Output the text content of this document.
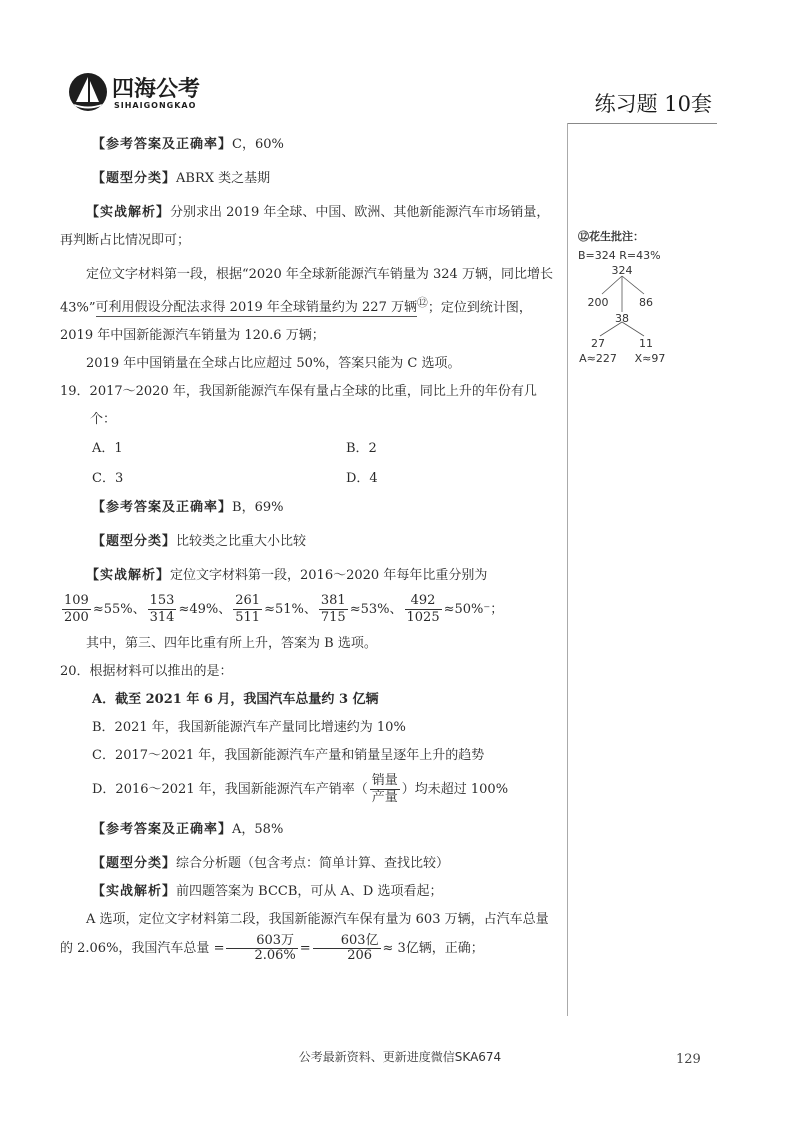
四海公考
SIHAIGONGKAO	练习题 10套

【参考答案及正确率】C，60%

【题型分类】ABRX 类之基期

【实战解析】分别求出 2019 年全球、中国、欧洲、其他新能源汽车市场销量，再判断占比情况即可；

定位文字材料第一段，根据“2020 年全球新能源汽车销量为 324 万辆，同比增长 43%”可利用假设分配法求得 2019 年全球销量约为 227 万辆⑫；定位到统计图，2019 年中国新能源汽车销量为 120.6 万辆；

2019 年中国销量在全球占比应超过 50%，答案只能为 C 选项。

19．2017～2020 年，我国新能源汽车保有量占全球的比重，同比上升的年份有几个：

A．1	B．2
C．3	D．4

【参考答案及正确率】B，69%

【题型分类】比较类之比重大小比较

【实战解析】定位文字材料第一段，2016～2020 年每年比重分别为

$\frac{109}{200} \approx 55\%$、 $\frac{153}{314} \approx 49\%$、 $\frac{261}{511} \approx 51\%$、 $\frac{381}{715} \approx 53\%$、 $\frac{492}{1025} \approx 50\%^-$；

其中，第三、四年比重有所上升，答案为 B 选项。

20．根据材料可以推出的是：

A．截至 2021 年 6 月，我国汽车总量约 3 亿辆

B．2021 年，我国新能源汽车产量同比增速约为 10%

C．2017～2021 年，我国新能源汽车产量和销量呈逐年上升的趋势

D．2016～2021 年，我国新能源汽车产销率（ $\frac{\text{销量}}{\text{产量}}$ ）均未超过 100%

【参考答案及正确率】A，58%

【题型分类】综合分析题（包含考点：简单计算、查找比较）

【实战解析】前四题答案为 BCCB，可从 A、D 选项看起；

A 选项，定位文字材料第二段，我国新能源汽车保有量为 603 万辆，占汽车总量的 2.06%，我国汽车总量 = $\frac{\text{603万}}{2.06\%} = \frac{\text{603亿}}{206} \approx 3$亿辆，正确；

⑫花生批注：
B=324 R=43%
324
200	86
38
27	11
A≈227 X≈97
公考最新资料、更新进度微信SKA674	129
